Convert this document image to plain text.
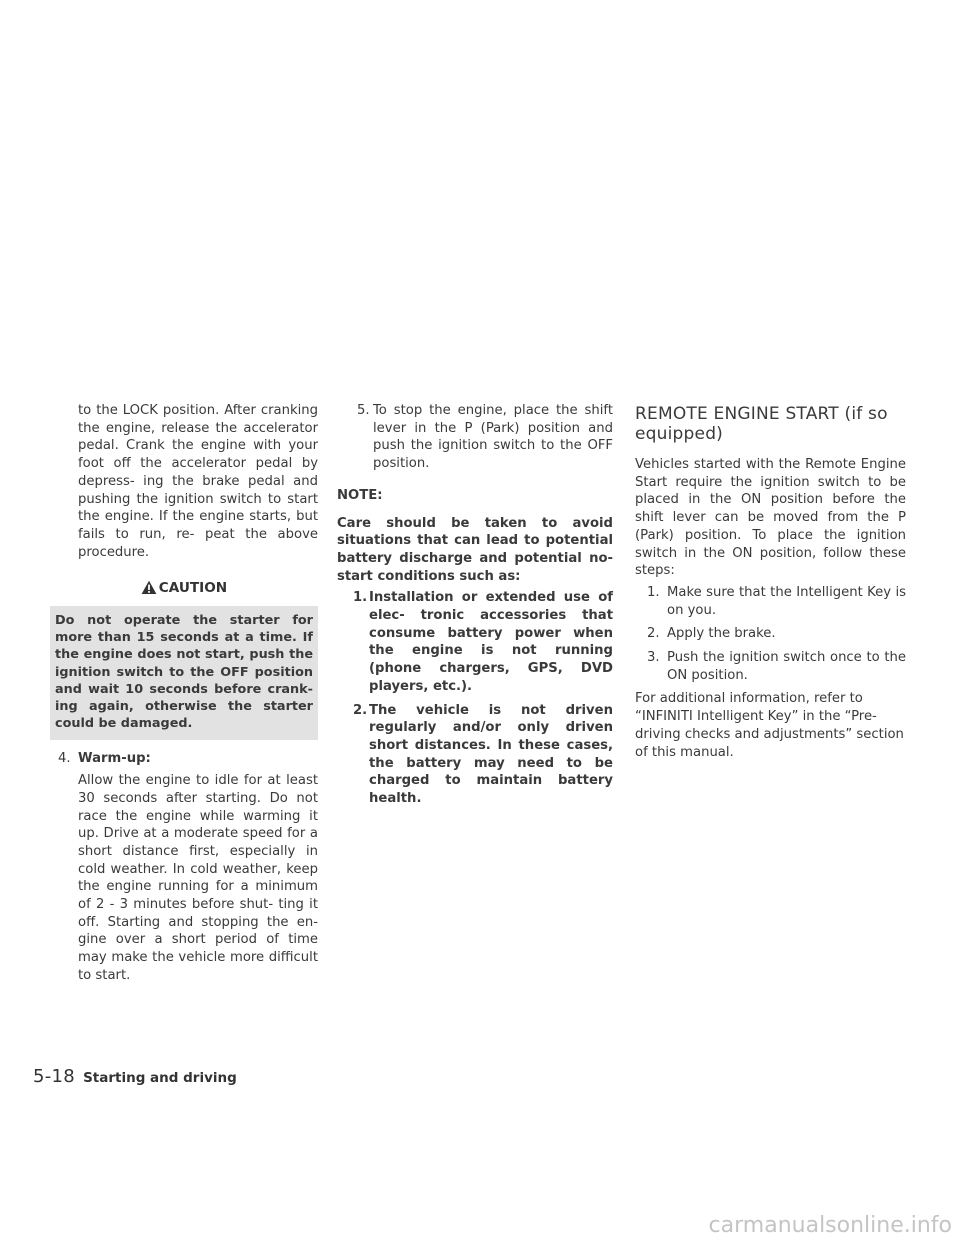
to the LOCK position. After cranking the engine, release the accelerator pedal. Crank the engine with your foot off the accelerator pedal by depress- ing the brake pedal and pushing the ignition switch to start the engine. If the engine starts, but fails to run, re- peat the above procedure.

CAUTION
Do not operate the starter for more than 15 seconds at a time. If the engine does not start, push the ignition switch to the OFF position and wait 10 seconds before crank- ing again, otherwise the starter could be damaged.
4. Warm-up:

Allow the engine to idle for at least 30 seconds after starting. Do not race the engine while warming it up. Drive at a moderate speed for a short distance first, especially in cold weather. In cold weather, keep the engine running for a minimum of 2 - 3 minutes before shut- ting it off. Starting and stopping the en- gine over a short period of time may make the vehicle more difficult to start.

5. To stop the engine, place the shift lever in the P (Park) position and push the ignition switch to the OFF position.

NOTE:

Care should be taken to avoid situations that can lead to potential battery discharge and potential no-start conditions such as:

1. Installation or extended use of elec- tronic accessories that consume battery power when the engine is not running (phone chargers, GPS, DVD players, etc.).
2. The vehicle is not driven regularly and/or only driven short distances. In these cases, the battery may need to be charged to maintain battery health.
REMOTE ENGINE START (if so equipped)

Vehicles started with the Remote Engine Start require the ignition switch to be placed in the ON position before the shift lever can be moved from the P (Park) position. To place the ignition switch in the ON position, follow these steps:

1. Make sure that the Intelligent Key is on you.
2. Apply the brake.
3. Push the ignition switch once to the ON position.

For additional information, refer to “INFINITI Intelligent Key” in the “Pre-driving checks and adjustments” section of this manual.

5-18 Starting and driving
carmanualsonline.info
